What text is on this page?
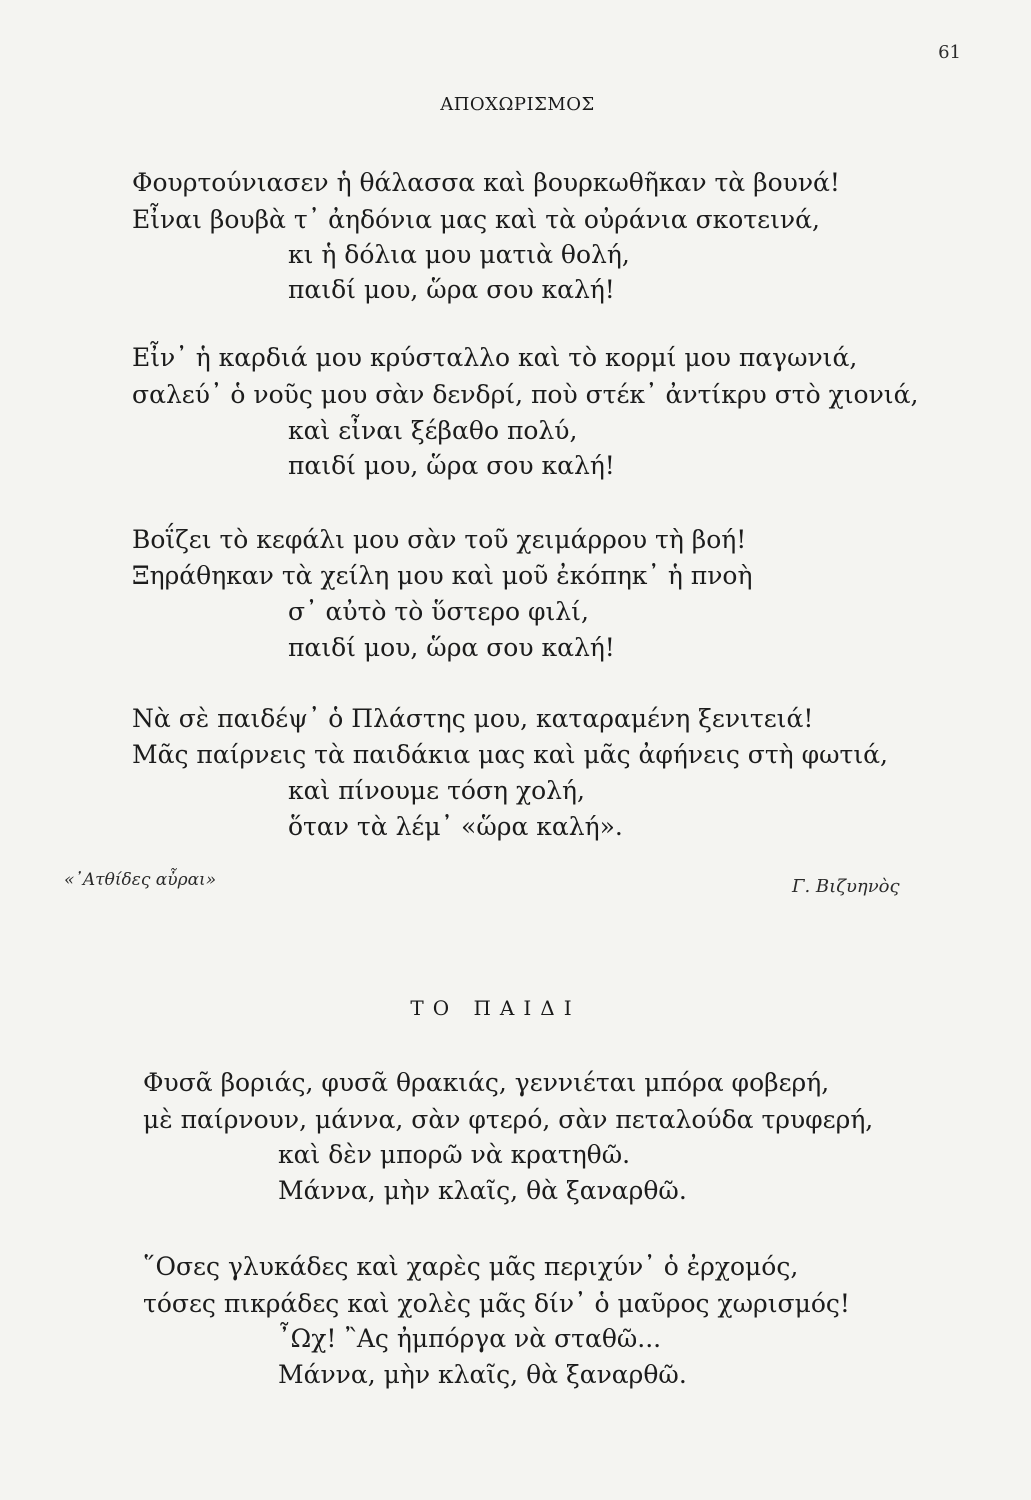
61
ΑΠΟΧΩΡΙΣΜΟΣ
Φουρτούνιασεν ἡ θάλασσα καὶ βουρκωθῆκαν τὰ βουνά!
Εἶναι βουβὰ τ᾽ ἀηδόνια μας καὶ τὰ οὐράνια σκοτεινά,
κι ἡ δόλια μου ματιὰ θολή,
παιδί μου, ὥρα σου καλή!
Εἶν᾽ ἡ καρδιά μου κρύσταλλο καὶ τὸ κορμί μου παγωνιά,
σαλεύ᾽ ὁ νοῦς μου σὰν δενδρί, ποὺ στέκ᾽ ἀντίκρυ στὸ χιονιά,
καὶ εἶναι ξέβαθο πολύ,
παιδί μου, ὥρα σου καλή!
Βοΐζει τὸ κεφάλι μου σὰν τοῦ χειμάρρου τὴ βοή!
Ξηράθηκαν τὰ χείλη μου καὶ μοῦ ἐκόπηκ᾽ ἡ πνοὴ
σ᾽ αὐτὸ τὸ ὕστερο φιλί,
παιδί μου, ὥρα σου καλή!
Νὰ σὲ παιδέψ᾽ ὁ Πλάστης μου, καταραμένη ξενιτειά!
Μᾶς παίρνεις τὰ παιδάκια μας καὶ μᾶς ἀφήνεις στὴ φωτιά,
καὶ πίνουμε τόση χολή,
ὅταν τὰ λέμ᾽ «ὥρα καλή».
«᾽Ατθίδες αὖραι»	Γ. Βιζυηνὸς
ΤΟ ΠΑΙΔΙ
Φυσᾶ βοριάς, φυσᾶ θρακιάς, γεννιέται μπόρα φοβερή,
μὲ παίρνουν, μάννα, σὰν φτερό, σὰν πεταλούδα τρυφερή,
καὶ δὲν μπορῶ νὰ κρατηθῶ.
Μάννα, μὴν κλαῖς, θὰ ξαναρθῶ.
῞Οσες γλυκάδες καὶ χαρὲς μᾶς περιχύν᾽ ὁ ἐρχομός,
τόσες πικράδες καὶ χολὲς μᾶς δίν᾽ ὁ μαῦρος χωρισμός!
῏Ωχ! ῍Ας ἠμπόργα νὰ σταθῶ...
Μάννα, μὴν κλαῖς, θὰ ξαναρθῶ.
